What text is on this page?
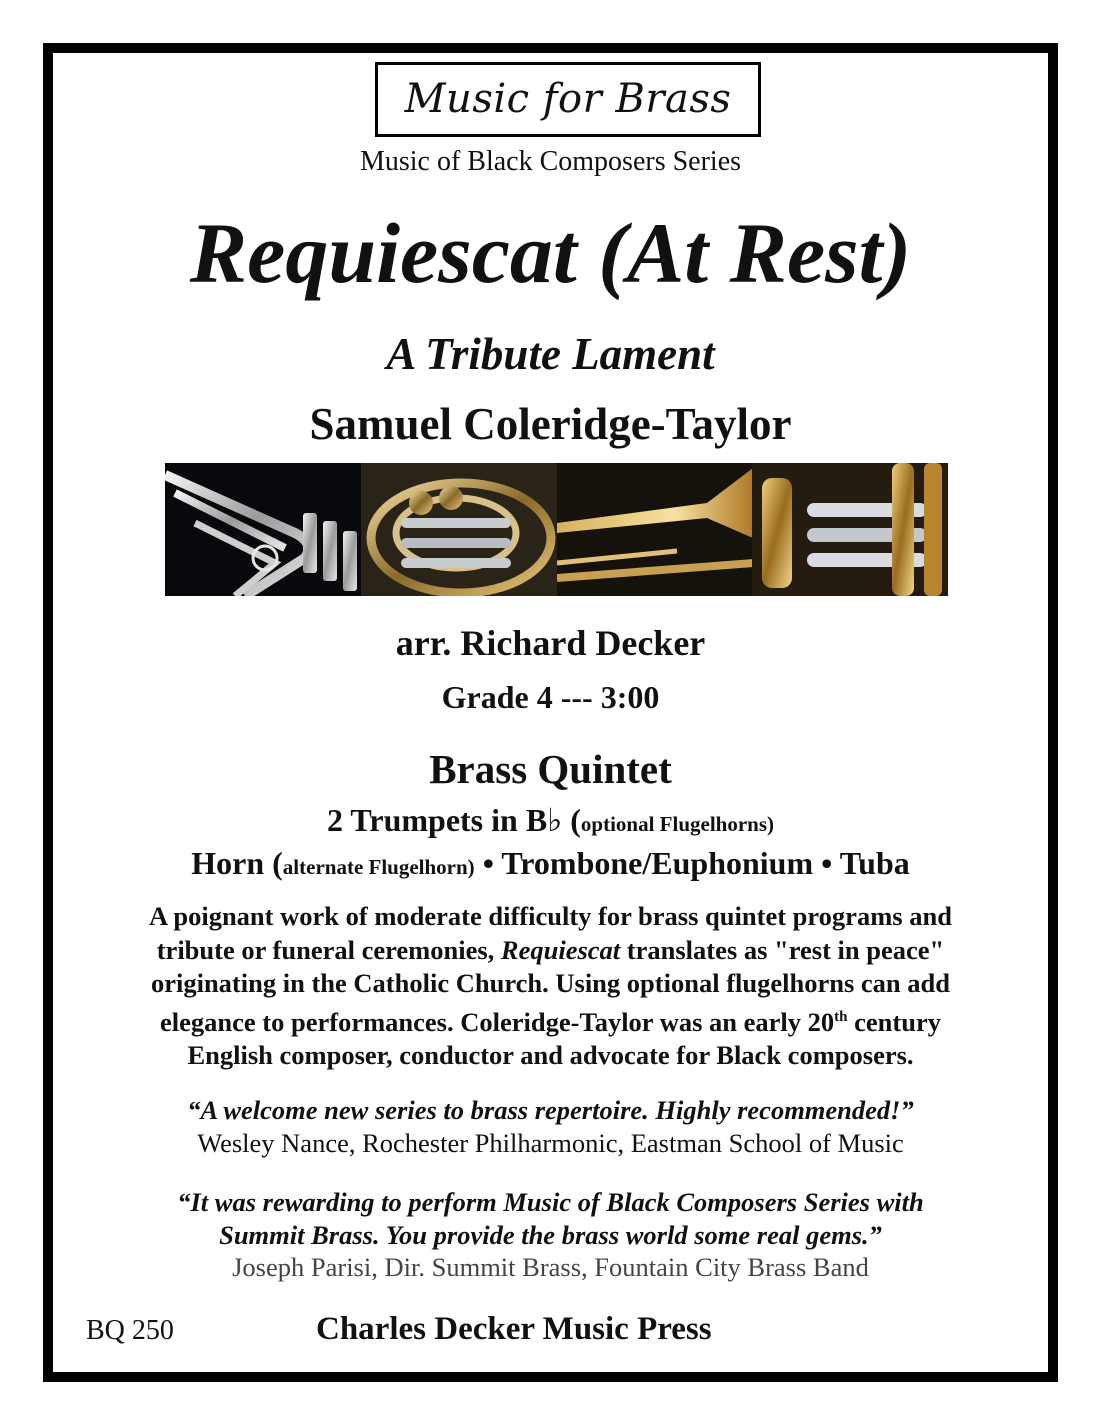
Music for Brass
Music of Black Composers Series
Requiescat (At Rest)
A Tribute Lament
Samuel Coleridge-Taylor
arr. Richard Decker
Grade 4 --- 3:00
Brass Quintet
2 Trumpets in B♭ (optional Flugelhorns)
Horn (alternate Flugelhorn) • Trombone/Euphonium • Tuba
A poignant work of moderate difficulty for brass quintet programs and
tribute or funeral ceremonies, Requiescat translates as "rest in peace"
originating in the Catholic Church. Using optional flugelhorns can add
elegance to performances. Coleridge-Taylor was an early 20th century
English composer, conductor and advocate for Black composers.
“A welcome new series to brass repertoire. Highly recommended!”
Wesley Nance, Rochester Philharmonic, Eastman School of Music
“It was rewarding to perform Music of Black Composers Series with
Summit Brass. You provide the brass world some real gems.”
Joseph Parisi, Dir. Summit Brass, Fountain City Brass Band
BQ 250	Charles Decker Music Press
